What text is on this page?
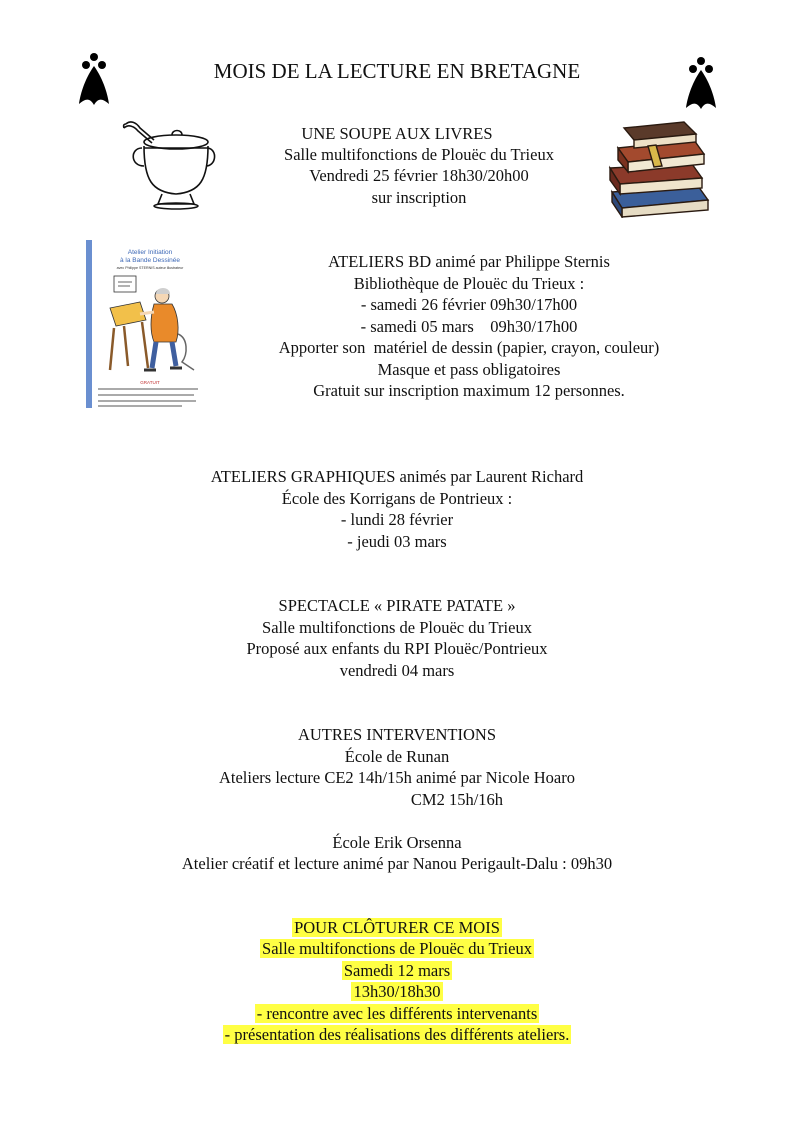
MOIS DE LA LECTURE EN BRETAGNE
UNE SOUPE AUX LIVRES
Salle multifonctions de Plouëc du Trieux
Vendredi 25 février 18h30/20h00
sur inscription
Atelier Initiation
à la Bande Dessinée
avec Philippe STERNIS auteur illustrateur
GRATUIT
ATELIERS BD animé par Philippe Sternis
Bibliothèque de Plouëc du Trieux :
- samedi 26 février 09h30/17h00
- samedi 05 mars    09h30/17h00
Apporter son  matériel de dessin (papier, crayon, couleur)
Masque et pass obligatoires
Gratuit sur inscription maximum 12 personnes.
ATELIERS GRAPHIQUES animés par Laurent Richard
École des Korrigans de Pontrieux :
- lundi 28 février
- jeudi 03 mars
SPECTACLE « PIRATE PATATE »
Salle multifonctions de Plouëc du Trieux
Proposé aux enfants du RPI Plouëc/Pontrieux
vendredi 04 mars
AUTRES INTERVENTIONS
École de Runan
Ateliers lecture CE2 14h/15h animé par Nicole Hoaro
CM2 15h/16h
École Erik Orsenna
Atelier créatif et lecture animé par Nanou Perigault-Dalu : 09h30
POUR CLÔTURER CE MOIS
Salle multifonctions de Plouëc du Trieux
Samedi 12 mars
13h30/18h30
- rencontre avec les différents intervenants
- présentation des réalisations des différents ateliers.
